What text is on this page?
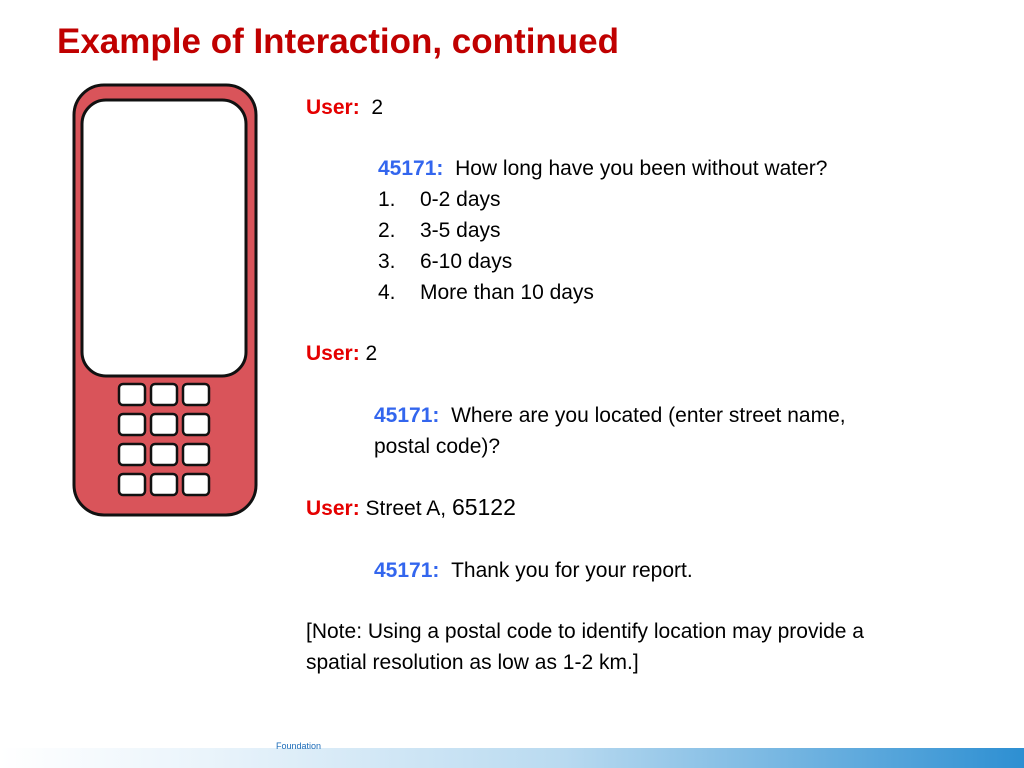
Example of Interaction, continued
User: 2
45171: How long have you been without water?
1. 0-2 days
2. 3-5 days
3. 6-10 days
4. More than 10 days
User: 2
45171: Where are you located (enter street name,
postal code)?
User: Street A, 65122
45171: Thank you for your report.
[Note: Using a postal code to identify location may provide a
spatial resolution as low as 1-2 km.]
Foundation
